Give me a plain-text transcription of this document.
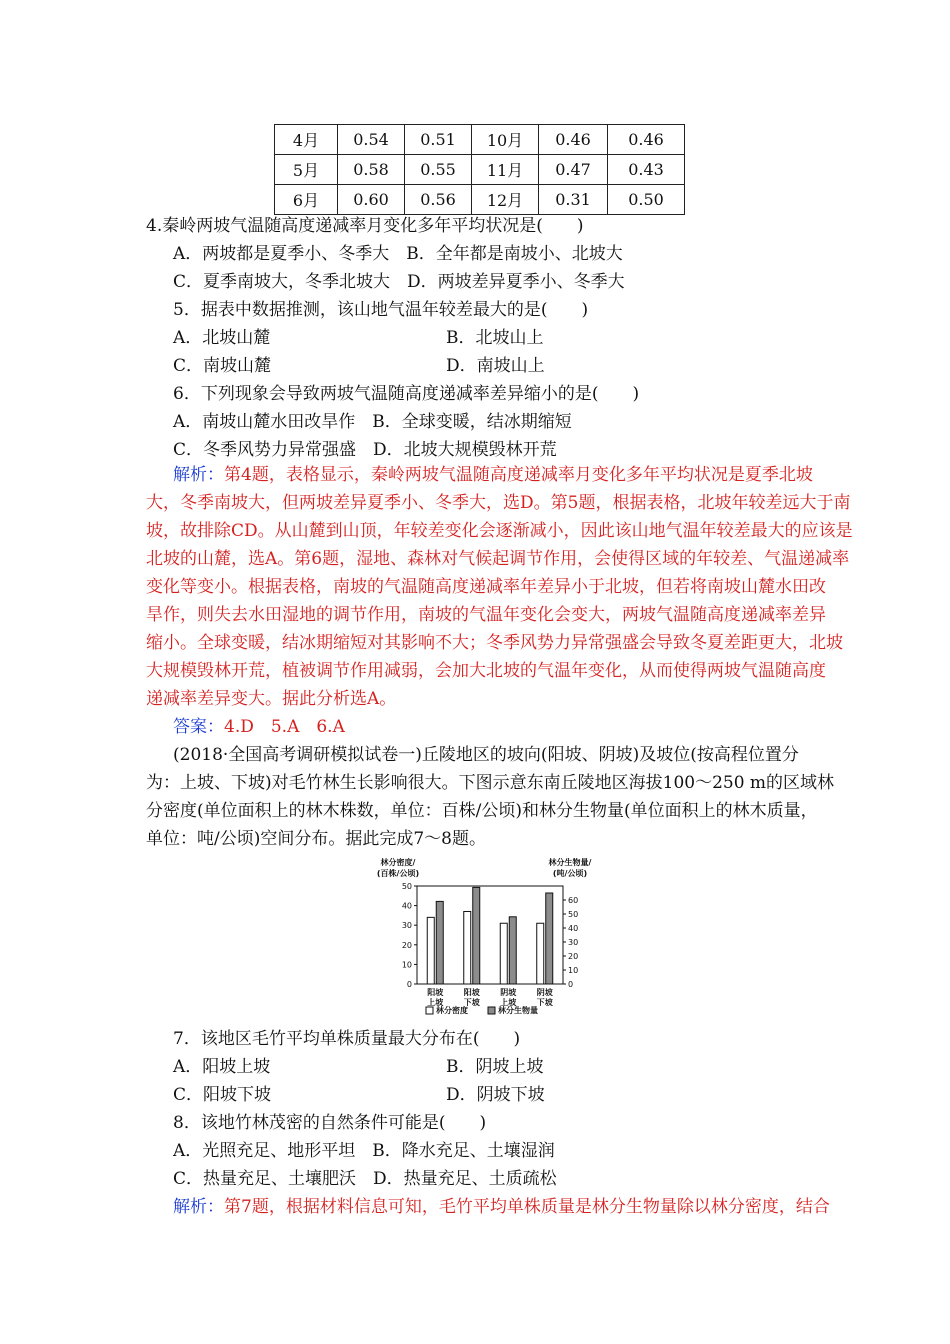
4月	0.54	0.51	10月	0.46	0.46
5月	0.58	0.55	11月	0.47	0.43
6月	0.60	0.56	12月	0.31	0.50
4.秦岭两坡气温随高度递减率月变化多年平均状况是(　　)
A．两坡都是夏季小、冬季大　B．全年都是南坡小、北坡大
C．夏季南坡大，冬季北坡大　D．两坡差异夏季小、冬季大
5．据表中数据推测，该山地气温年较差最大的是(　　)
A．北坡山麓	B．北坡山上
C．南坡山麓	D．南坡山上
6．下列现象会导致两坡气温随高度递减率差异缩小的是(　　)
A．南坡山麓水田改旱作　B．全球变暖，结冰期缩短
C．冬季风势力异常强盛　D．北坡大规模毁林开荒
解析：第4题，表格显示，秦岭两坡气温随高度递减率月变化多年平均状况是夏季北坡
大，冬季南坡大，但两坡差异夏季小、冬季大，选D。第5题，根据表格，北坡年较差远大于南
坡，故排除CD。从山麓到山顶，年较差变化会逐渐减小，因此该山地气温年较差最大的应该是
北坡的山麓，选A。第6题，湿地、森林对气候起调节作用，会使得区域的年较差、气温递减率
变化等变小。根据表格，南坡的气温随高度递减率年差异小于北坡，但若将南坡山麓水田改
旱作，则失去水田湿地的调节作用，南坡的气温年变化会变大，两坡气温随高度递减率差异
缩小。全球变暖，结冰期缩短对其影响不大；冬季风势力异常强盛会导致冬夏差距更大，北坡
大规模毁林开荒，植被调节作用减弱，会加大北坡的气温年变化，从而使得两坡气温随高度
递减率差异变大。据此分析选A。
答案：4.D　5.A　6.A
(2018·全国高考调研模拟试卷一)丘陵地区的坡向(阳坡、阴坡)及坡位(按高程位置分
为：上坡、下坡)对毛竹林生长影响很大。下图示意东南丘陵地区海拔100～250 m的区域林
分密度(单位面积上的林木株数，单位：百株/公顷)和林分生物量(单位面积上的林木质量，
单位：吨/公顷)空间分布。据此完成7～8题。
林分密度/
(百株/公顷)
林分生物量/
(吨/公顷)
0
10
20
30
40
50
0
10
20
30
40
50
60
阳坡
上坡
阳坡
下坡
阴坡
上坡
阴坡
下坡
林分密度	林分生物量
7．该地区毛竹平均单株质量最大分布在(　　)
A．阳坡上坡	B．阴坡上坡
C．阳坡下坡	D．阴坡下坡
8．该地竹林茂密的自然条件可能是(　　)
A．光照充足、地形平坦　B．降水充足、土壤湿润
C．热量充足、土壤肥沃　D．热量充足、土质疏松
解析：第7题，根据材料信息可知，毛竹平均单株质量是林分生物量除以林分密度，结合
